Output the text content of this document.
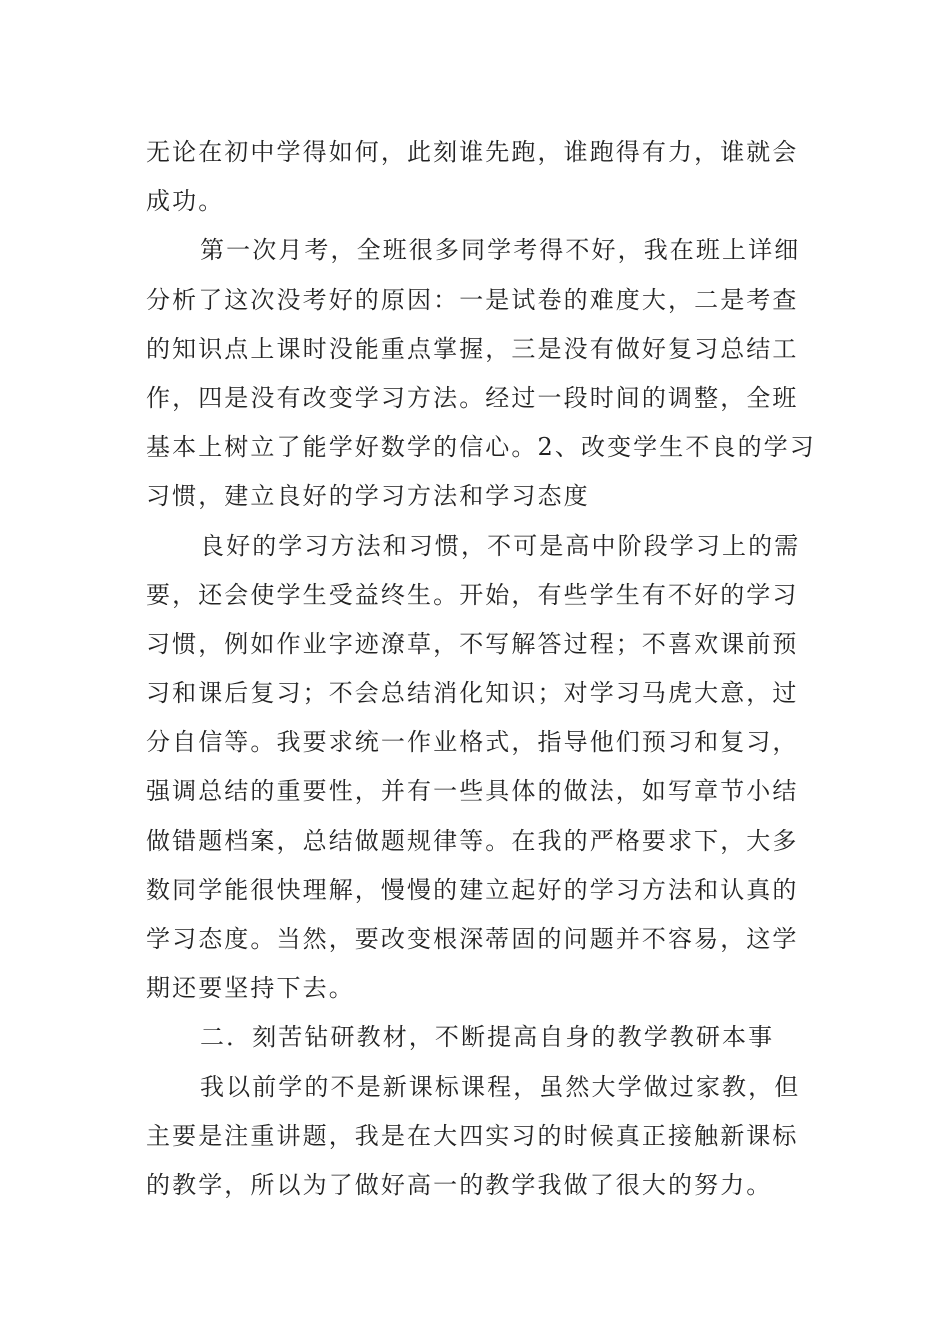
无论在初中学得如何，此刻谁先跑，谁跑得有力，谁就会
成功。
第一次月考，全班很多同学考得不好，我在班上详细
分析了这次没考好的原因：一是试卷的难度大，二是考查
的知识点上课时没能重点掌握，三是没有做好复习总结工
作，四是没有改变学习方法。经过一段时间的调整，全班
基本上树立了能学好数学的信心。2、改变学生不良的学习
习惯，建立良好的学习方法和学习态度
良好的学习方法和习惯，不可是高中阶段学习上的需
要，还会使学生受益终生。开始，有些学生有不好的学习
习惯，例如作业字迹潦草，不写解答过程；不喜欢课前预
习和课后复习；不会总结消化知识；对学习马虎大意，过
分自信等。我要求统一作业格式，指导他们预习和复习，
强调总结的重要性，并有一些具体的做法，如写章节小结
做错题档案，总结做题规律等。在我的严格要求下，大多
数同学能很快理解，慢慢的建立起好的学习方法和认真的
学习态度。当然，要改变根深蒂固的问题并不容易，这学
期还要坚持下去。
二．刻苦钻研教材，不断提高自身的教学教研本事
我以前学的不是新课标课程，虽然大学做过家教，但
主要是注重讲题，我是在大四实习的时候真正接触新课标
的教学，所以为了做好高一的教学我做了很大的努力。
